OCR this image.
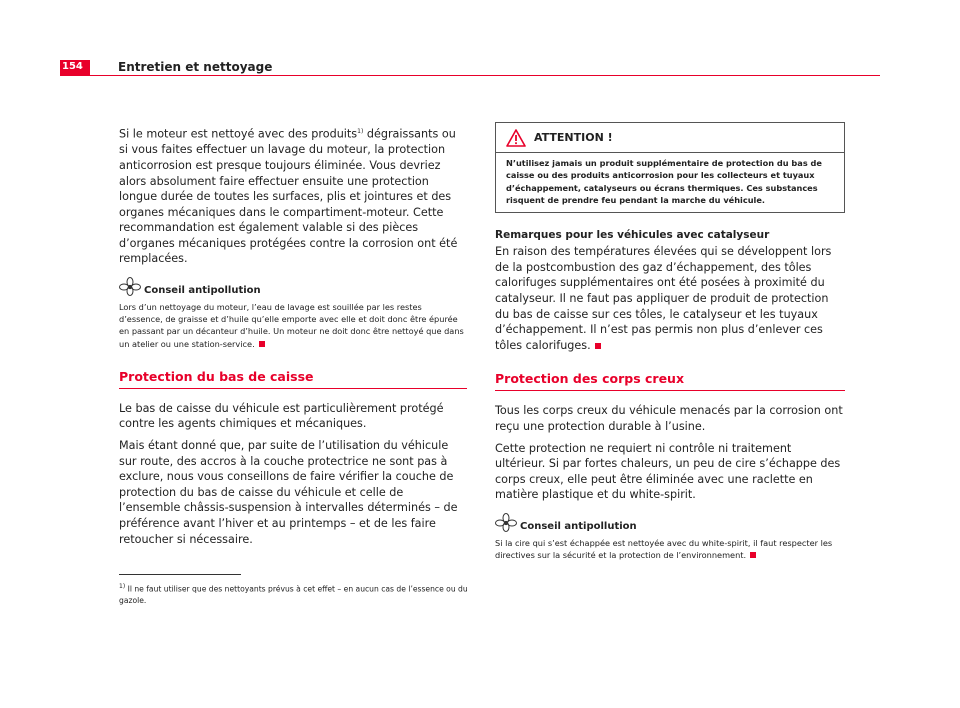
154	Entretien et nettoyage

Si le moteur est nettoyé avec des produits$^{1)}$ dégraissants ou si vous faites effectuer un lavage du moteur, la protection anticorrosion est presque toujours éliminée. Vous devriez alors absolument faire effectuer ensuite une protection longue durée de toutes les surfaces, plis et jointures et des organes mécaniques dans le compartiment-moteur. Cette recommandation est également valable si des pièces d’organes mécaniques protégées contre la corrosion ont été remplacées.

Conseil antipollution

Lors d’un nettoyage du moteur, l’eau de lavage est souillée par les restes d’essence, de graisse et d’huile qu’elle emporte avec elle et doit donc être épurée en passant par un décanteur d’huile. Un moteur ne doit donc être nettoyé que dans un atelier ou une station-service.

Protection du bas de caisse

Le bas de caisse du véhicule est particulièrement protégé contre les agents chimiques et mécaniques.

Mais étant donné que, par suite de l’utilisation du véhicule sur route, des accros à la couche protectrice ne sont pas à exclure, nous vous conseillons de faire vérifier la couche de protection du bas de caisse du véhicule et celle de l’ensemble châssis-suspension à intervalles déterminés – de préférence avant l’hiver et au printemps – et de les faire retoucher si nécessaire.

ATTENTION !

N’utilisez jamais un produit supplémentaire de protection du bas de caisse ou des produits anticorrosion pour les collecteurs et tuyaux d’échappement, catalyseurs ou écrans thermiques. Ces substances risquent de prendre feu pendant la marche du véhicule.

Remarques pour les véhicules avec catalyseur

En raison des températures élevées qui se développent lors de la postcombustion des gaz d’échappement, des tôles calorifuges supplémentaires ont été posées à proximité du catalyseur. Il ne faut pas appliquer de produit de protection du bas de caisse sur ces tôles, le catalyseur et les tuyaux d’échappement. Il n’est pas permis non plus d’enlever ces tôles calorifuges.

Protection des corps creux

Tous les corps creux du véhicule menacés par la corrosion ont reçu une protection durable à l’usine.

Cette protection ne requiert ni contrôle ni traitement ultérieur. Si par fortes chaleurs, un peu de cire s’échappe des corps creux, elle peut être éliminée avec une raclette en matière plastique et du white-spirit.

Conseil antipollution

Si la cire qui s’est échappée est nettoyée avec du white-spirit, il faut respecter les directives sur la sécurité et la protection de l’environnement.

$^{1)}$ Il ne faut utiliser que des nettoyants prévus à cet effet – en aucun cas de l’essence ou du gazole.
